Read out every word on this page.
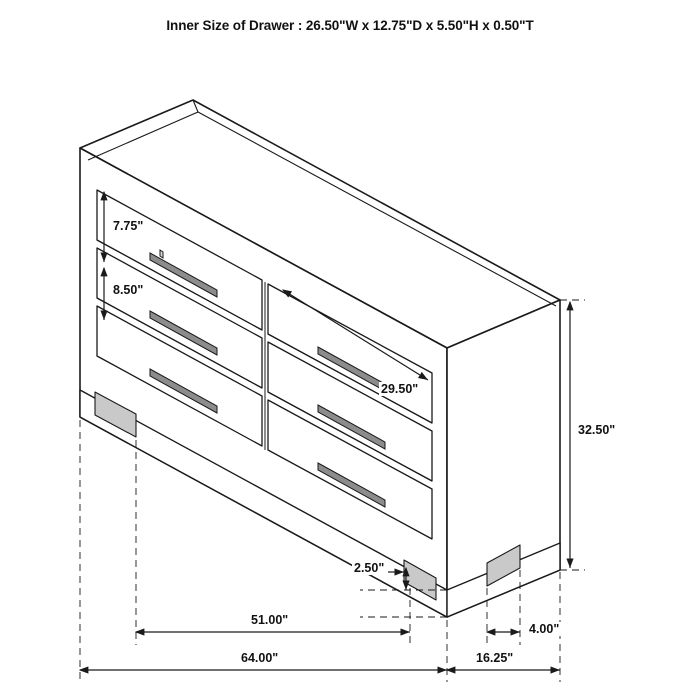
Inner Size of Drawer : 26.50"W x 12.75"D x 5.50"H x 0.50"T
7.75"
8.50"
29.50"
32.50"
2.50"
51.00"
64.00"	16.25"
4.00"
